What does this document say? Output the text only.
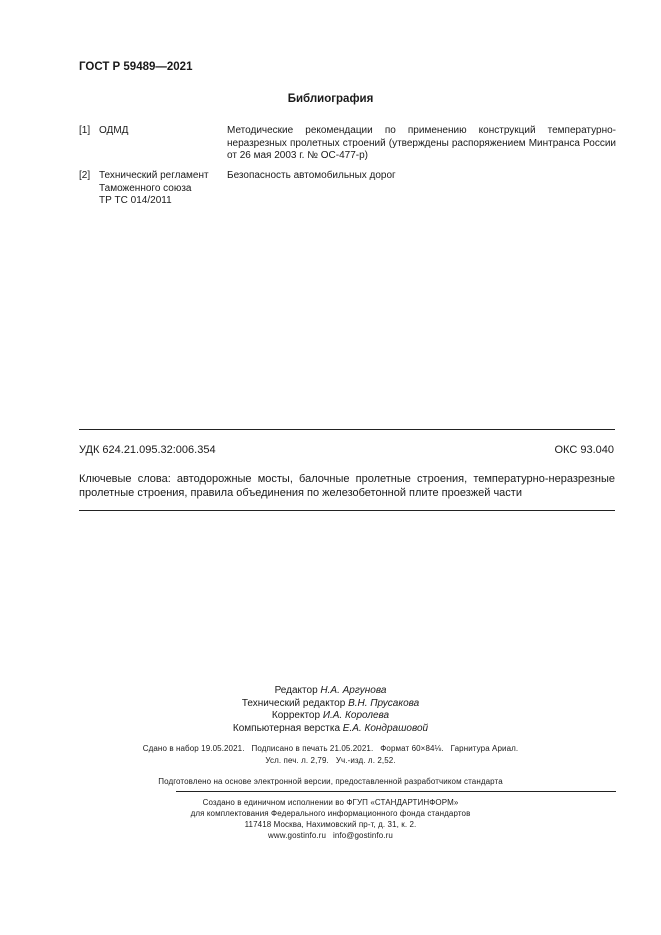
ГОСТ Р 59489—2021
Библиография
[1] ОДМД	Методические рекомендации по применению конструкций температурно-неразрезных пролетных строений (утверждены распоряжением Минтранса России от 26 мая 2003 г. № ОС-477-р)
[2] Технический регламент
Таможенного союза
ТР ТС 014/2011
Безопасность автомобильных дорог
УДК 624.21.095.32:006.354	ОКС 93.040
Ключевые слова: автодорожные мосты, балочные пролетные строения, температурно-неразрезные пролетные строения, правила объединения по железобетонной плите проезжей части
Редактор Н.А. Аргунова
Технический редактор В.Н. Прусакова
Корректор И.А. Королева
Компьютерная верстка Е.А. Кондрашовой
Сдано в набор 19.05.2021.   Подписано в печать 21.05.2021.   Формат 60×84⅛.   Гарнитура Ариал.
Усл. печ. л. 2,79.   Уч.-изд. л. 2,52.
Подготовлено на основе электронной версии, предоставленной разработчиком стандарта
Создано в единичном исполнении во ФГУП «СТАНДАРТИНФОРМ»
для комплектования Федерального информационного фонда стандартов
117418 Москва, Нахимовский пр-т, д. 31, к. 2.
www.gostinfo.ru   info@gostinfo.ru
